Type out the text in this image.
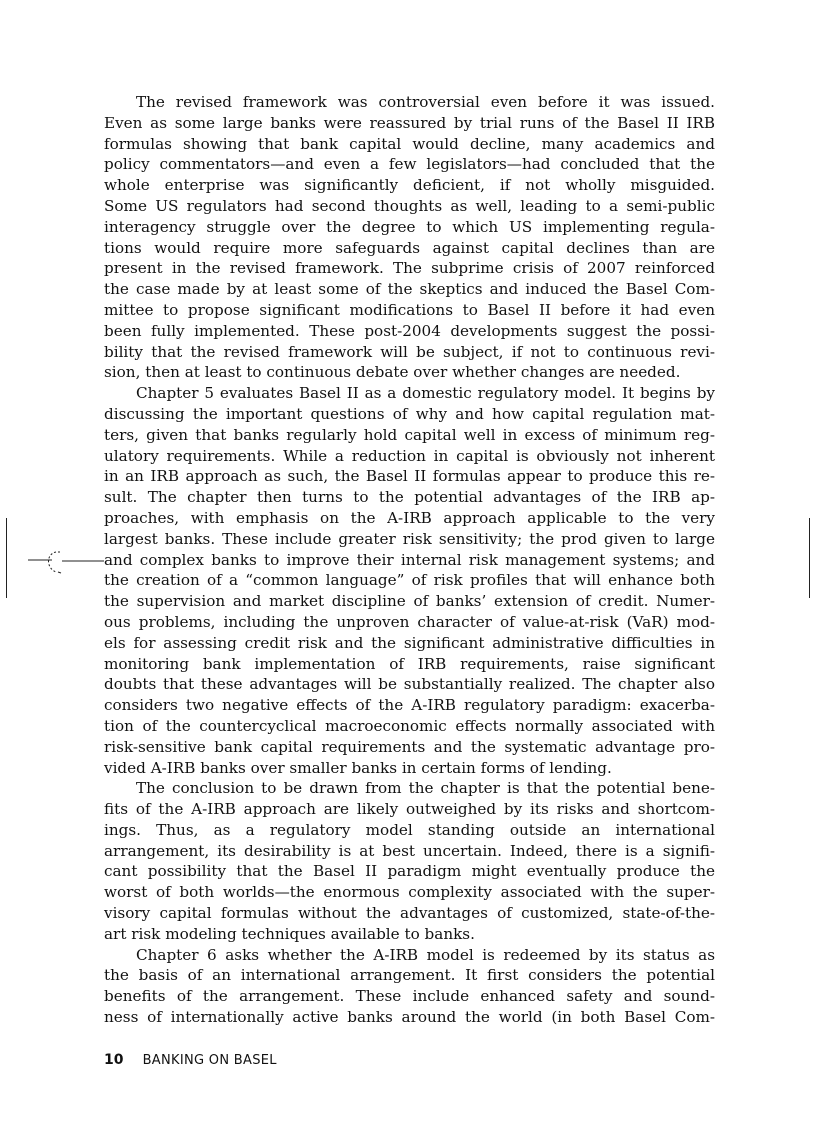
The revised framework was controversial even before it was issued.
Even as some large banks were reassured by trial runs of the Basel II IRB
formulas showing that bank capital would decline, many academics and
policy commentators—and even a few legislators—had concluded that the
whole enterprise was significantly deficient, if not wholly misguided.
Some US regulators had second thoughts as well, leading to a semi-public
interagency struggle over the degree to which US implementing regula-
tions would require more safeguards against capital declines than are
present in the revised framework. The subprime crisis of 2007 reinforced
the case made by at least some of the skeptics and induced the Basel Com-
mittee to propose significant modifications to Basel II before it had even
been fully implemented. These post-2004 developments suggest the possi-
bility that the revised framework will be subject, if not to continuous revi-
sion, then at least to continuous debate over whether changes are needed.
Chapter 5 evaluates Basel II as a domestic regulatory model. It begins by
discussing the important questions of why and how capital regulation mat-
ters, given that banks regularly hold capital well in excess of minimum reg-
ulatory requirements. While a reduction in capital is obviously not inherent
in an IRB approach as such, the Basel II formulas appear to produce this re-
sult. The chapter then turns to the potential advantages of the IRB ap-
proaches, with emphasis on the A-IRB approach applicable to the very
largest banks. These include greater risk sensitivity; the prod given to large
and complex banks to improve their internal risk management systems; and
the creation of a “common language” of risk profiles that will enhance both
the supervision and market discipline of banks’ extension of credit. Numer-
ous problems, including the unproven character of value-at-risk (VaR) mod-
els for assessing credit risk and the significant administrative difficulties in
monitoring bank implementation of IRB requirements, raise significant
doubts that these advantages will be substantially realized. The chapter also
considers two negative effects of the A-IRB regulatory paradigm: exacerba-
tion of the countercyclical macroeconomic effects normally associated with
risk-sensitive bank capital requirements and the systematic advantage pro-
vided A-IRB banks over smaller banks in certain forms of lending.
The conclusion to be drawn from the chapter is that the potential bene-
fits of the A-IRB approach are likely outweighed by its risks and shortcom-
ings. Thus, as a regulatory model standing outside an international
arrangement, its desirability is at best uncertain. Indeed, there is a signifi-
cant possibility that the Basel II paradigm might eventually produce the
worst of both worlds—the enormous complexity associated with the super-
visory capital formulas without the advantages of customized, state-of-the-
art risk modeling techniques available to banks.
Chapter 6 asks whether the A-IRB model is redeemed by its status as
the basis of an international arrangement. It first considers the potential
benefits of the arrangement. These include enhanced safety and sound-
ness of internationally active banks around the world (in both Basel Com-
10 BANKING ON BASEL
